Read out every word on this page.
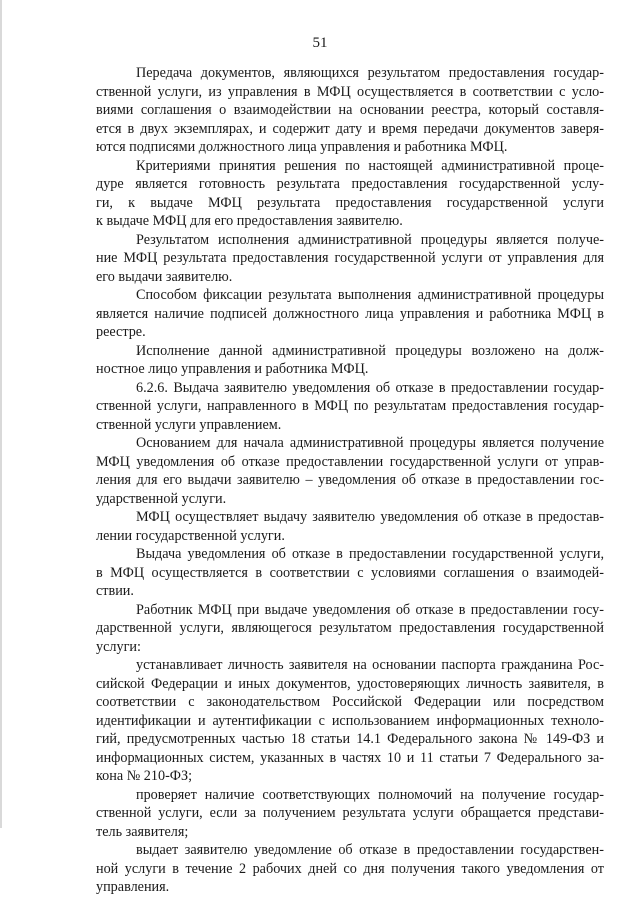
51
Передача документов, являющихся результатом предоставления государ-
ственной услуги, из управления в МФЦ осуществляется в соответствии с усло-
виями соглашения о взаимодействии на основании реестра, который составля-
ется в двух экземплярах, и содержит дату и время передачи документов заверя-
ются подписями должностного лица управления и работника МФЦ.
Критериями принятия решения по настоящей административной проце-
дуре является готовность результата предоставления государственной услу-
ги, к выдаче МФЦ результата предоставления государственной услуги
к выдаче МФЦ для его предоставления заявителю.
Результатом исполнения административной процедуры является получе-
ние МФЦ результата предоставления государственной услуги от управления для
его выдачи заявителю.
Способом фиксации результата выполнения административной процедуры
является наличие подписей должностного лица управления и работника МФЦ в
реестре.
Исполнение данной административной процедуры возложено на долж-
ностное лицо управления и работника МФЦ.
6.2.6. Выдача заявителю уведомления об отказе в предоставлении государ-
ственной услуги, направленного в МФЦ по результатам предоставления государ-
ственной услуги управлением.
Основанием для начала административной процедуры является получение
МФЦ уведомления об отказе предоставлении государственной услуги от управ-
ления для его выдачи заявителю – уведомления об отказе в предоставлении гос-
ударственной услуги.
МФЦ осуществляет выдачу заявителю уведомления об отказе в предостав-
лении государственной услуги.
Выдача уведомления об отказе в предоставлении государственной услуги,
в МФЦ осуществляется в соответствии с условиями соглашения о взаимодей-
ствии.
Работник МФЦ при выдаче уведомления об отказе в предоставлении госу-
дарственной услуги, являющегося результатом предоставления государственной
услуги:
устанавливает личность заявителя на основании паспорта гражданина Рос-
сийской Федерации и иных документов, удостоверяющих личность заявителя, в
соответствии с законодательством Российской Федерации или посредством
идентификации и аутентификации с использованием информационных техноло-
гий, предусмотренных частью 18 статьи 14.1 Федерального закона № 149-ФЗ и
информационных систем, указанных в частях 10 и 11 статьи 7 Федерального за-
кона № 210-ФЗ;
проверяет наличие соответствующих полномочий на получение государ-
ственной услуги, если за получением результата услуги обращается представи-
тель заявителя;
выдает заявителю уведомление об отказе в предоставлении государствен-
ной услуги в течение 2 рабочих дней со дня получения такого уведомления от
управления.
